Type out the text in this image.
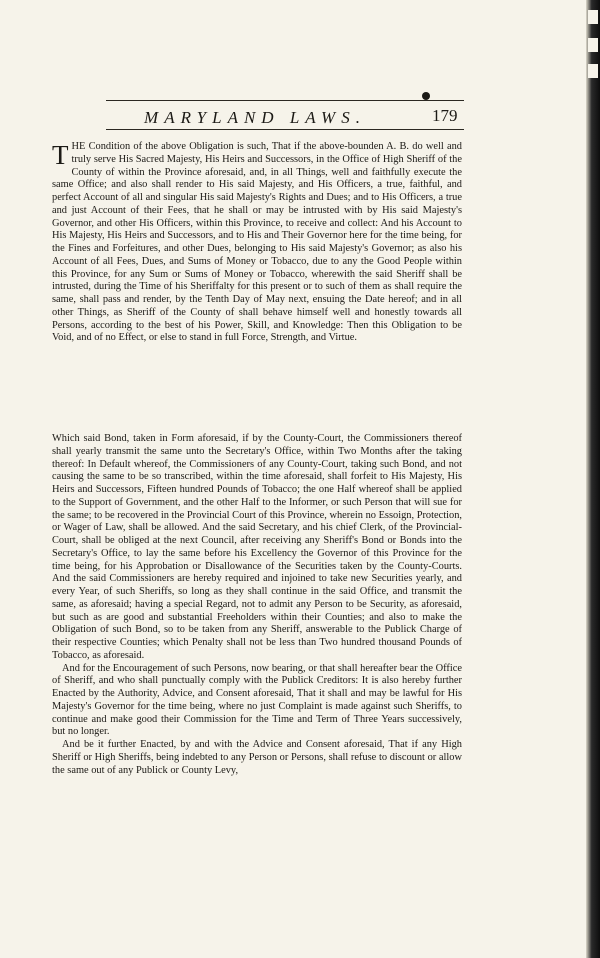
MARYLAND LAWS.	179

THE Condition of the above Obligation is such, That if the above-bounden A. B. do well and truly serve His Sacred Majesty, His Heirs and Successors, in the Office of High Sheriff of the County of within the Province aforesaid, and, in all Things, well and faithfully execute the same Office; and also shall render to His said Majesty, and His Officers, a true, faithful, and perfect Account of all and singular His said Majesty's Rights and Dues; and to His Officers, a true and just Account of their Fees, that he shall or may be intrusted with by His said Majesty's Governor, and other His Officers, within this Province, to receive and collect: And his Account to His Majesty, His Heirs and Successors, and to His and Their Governor here for the time being, for the Fines and Forfeitures, and other Dues, belonging to His said Majesty's Governor; as also his Account of all Fees, Dues, and Sums of Money or Tobacco, due to any the Good People within this Province, for any Sum or Sums of Money or Tobacco, wherewith the said Sheriff shall be intrusted, during the Time of his Sheriffalty for this present or to such of them as shall require the same, shall pass and render, by the Tenth Day of May next, ensuing the Date hereof; and in all other Things, as Sheriff of the County of shall behave himself well and honestly towards all Persons, according to the best of his Power, Skill, and Knowledge: Then this Obligation to be Void, and of no Effect, or else to stand in full Force, Strength, and Virtue.

Which said Bond, taken in Form aforesaid, if by the County-Court, the Commissioners thereof shall yearly transmit the same unto the Secretary's Office, within Two Months after the taking thereof: In Default whereof, the Commissioners of any County-Court, taking such Bond, and not causing the same to be so transcribed, within the time aforesaid, shall forfeit to His Majesty, His Heirs and Successors, Fifteen hundred Pounds of Tobacco; the one Half whereof shall be applied to the Support of Government, and the other Half to the Informer, or such Person that will sue for the same; to be recovered in the Provincial Court of this Province, wherein no Essoign, Protection, or Wager of Law, shall be allowed. And the said Secretary, and his chief Clerk, of the Provincial-Court, shall be obliged at the next Council, after receiving any Sheriff's Bond or Bonds into the Secretary's Office, to lay the same before his Excellency the Governor of this Province for the time being, for his Approbation or Disallowance of the Securities taken by the County-Courts. And the said Commissioners are hereby required and injoined to take new Securities yearly, and every Year, of such Sheriffs, so long as they shall continue in the said Office, and transmit the same, as aforesaid; having a special Regard, not to admit any Person to be Security, as aforesaid, but such as are good and substantial Freeholders within their Counties; and also to make the Obligation of such Bond, so to be taken from any Sheriff, answerable to the Publick Charge of their respective Counties; which Penalty shall not be less than Two hundred thousand Pounds of Tobacco, as aforesaid.

And for the Encouragement of such Persons, now bearing, or that shall hereafter bear the Office of Sheriff, and who shall punctually comply with the Publick Creditors: It is also hereby further Enacted by the Authority, Advice, and Consent aforesaid, That it shall and may be lawful for His Majesty's Governor for the time being, where no just Complaint is made against such Sheriffs, to continue and make good their Commission for the Time and Term of Three Years successively, but no longer.

And be it further Enacted, by and with the Advice and Consent aforesaid, That if any High Sheriff or High Sheriffs, being indebted to any Person or Persons, shall refuse to discount or allow the same out of any Publick or County Levy,
